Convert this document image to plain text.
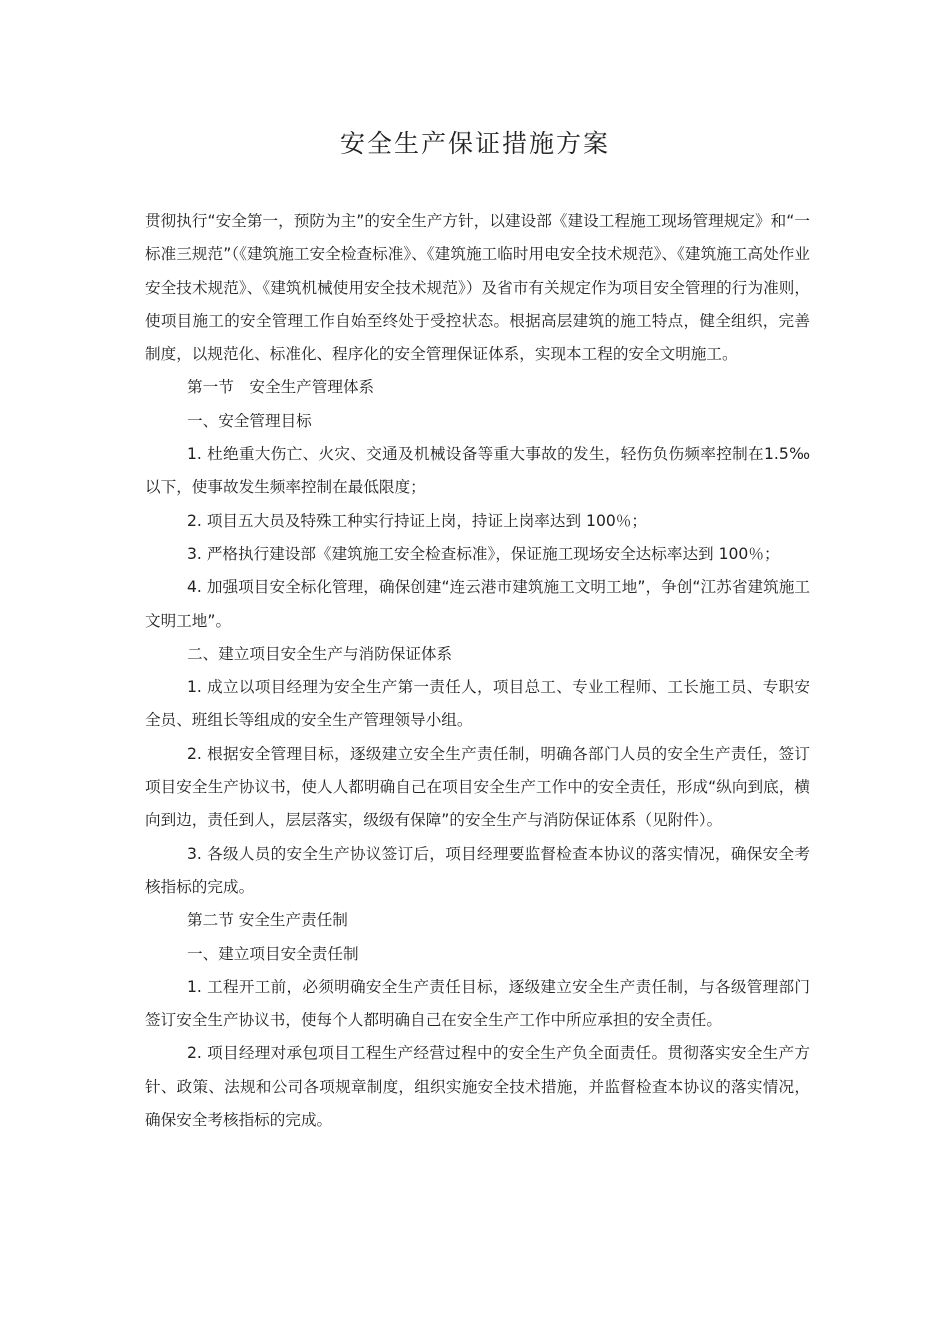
安全生产保证措施方案

贯彻执行“安全第一，预防为主”的安全生产方针，以建设部《建设工程施工现场管理规定》和“一标准三规范”（《建筑施工安全检查标准》、《建筑施工临时用电安全技术规范》、《建筑施工高处作业安全技术规范》、《建筑机械使用安全技术规范》）及省市有关规定作为项目安全管理的行为准则，使项目施工的安全管理工作自始至终处于受控状态。根据高层建筑的施工特点，健全组织，完善制度，以规范化、标准化、程序化的安全管理保证体系，实现本工程的安全文明施工。

第一节　安全生产管理体系

一、安全管理目标

1. 杜绝重大伤亡、火灾、交通及机械设备等重大事故的发生，轻伤负伤频率控制在1.5‰以下，使事故发生频率控制在最低限度；

2. 项目五大员及特殊工种实行持证上岗，持证上岗率达到 100％；

3. 严格执行建设部《建筑施工安全检查标准》，保证施工现场安全达标率达到 100％；

4. 加强项目安全标化管理，确保创建“连云港市建筑施工文明工地”，争创“江苏省建筑施工文明工地”。

二、建立项目安全生产与消防保证体系

1. 成立以项目经理为安全生产第一责任人，项目总工、专业工程师、工长施工员、专职安全员、班组长等组成的安全生产管理领导小组。

2. 根据安全管理目标，逐级建立安全生产责任制，明确各部门人员的安全生产责任，签订项目安全生产协议书，使人人都明确自己在项目安全生产工作中的安全责任，形成“纵向到底，横向到边，责任到人，层层落实，级级有保障”的安全生产与消防保证体系（见附件）。

3. 各级人员的安全生产协议签订后，项目经理要监督检查本协议的落实情况，确保安全考核指标的完成。

第二节 安全生产责任制

一、建立项目安全责任制

1. 工程开工前，必须明确安全生产责任目标，逐级建立安全生产责任制，与各级管理部门签订安全生产协议书，使每个人都明确自己在安全生产工作中所应承担的安全责任。

2. 项目经理对承包项目工程生产经营过程中的安全生产负全面责任。贯彻落实安全生产方针、政策、法规和公司各项规章制度，组织实施安全技术措施，并监督检查本协议的落实情况，确保安全考核指标的完成。
